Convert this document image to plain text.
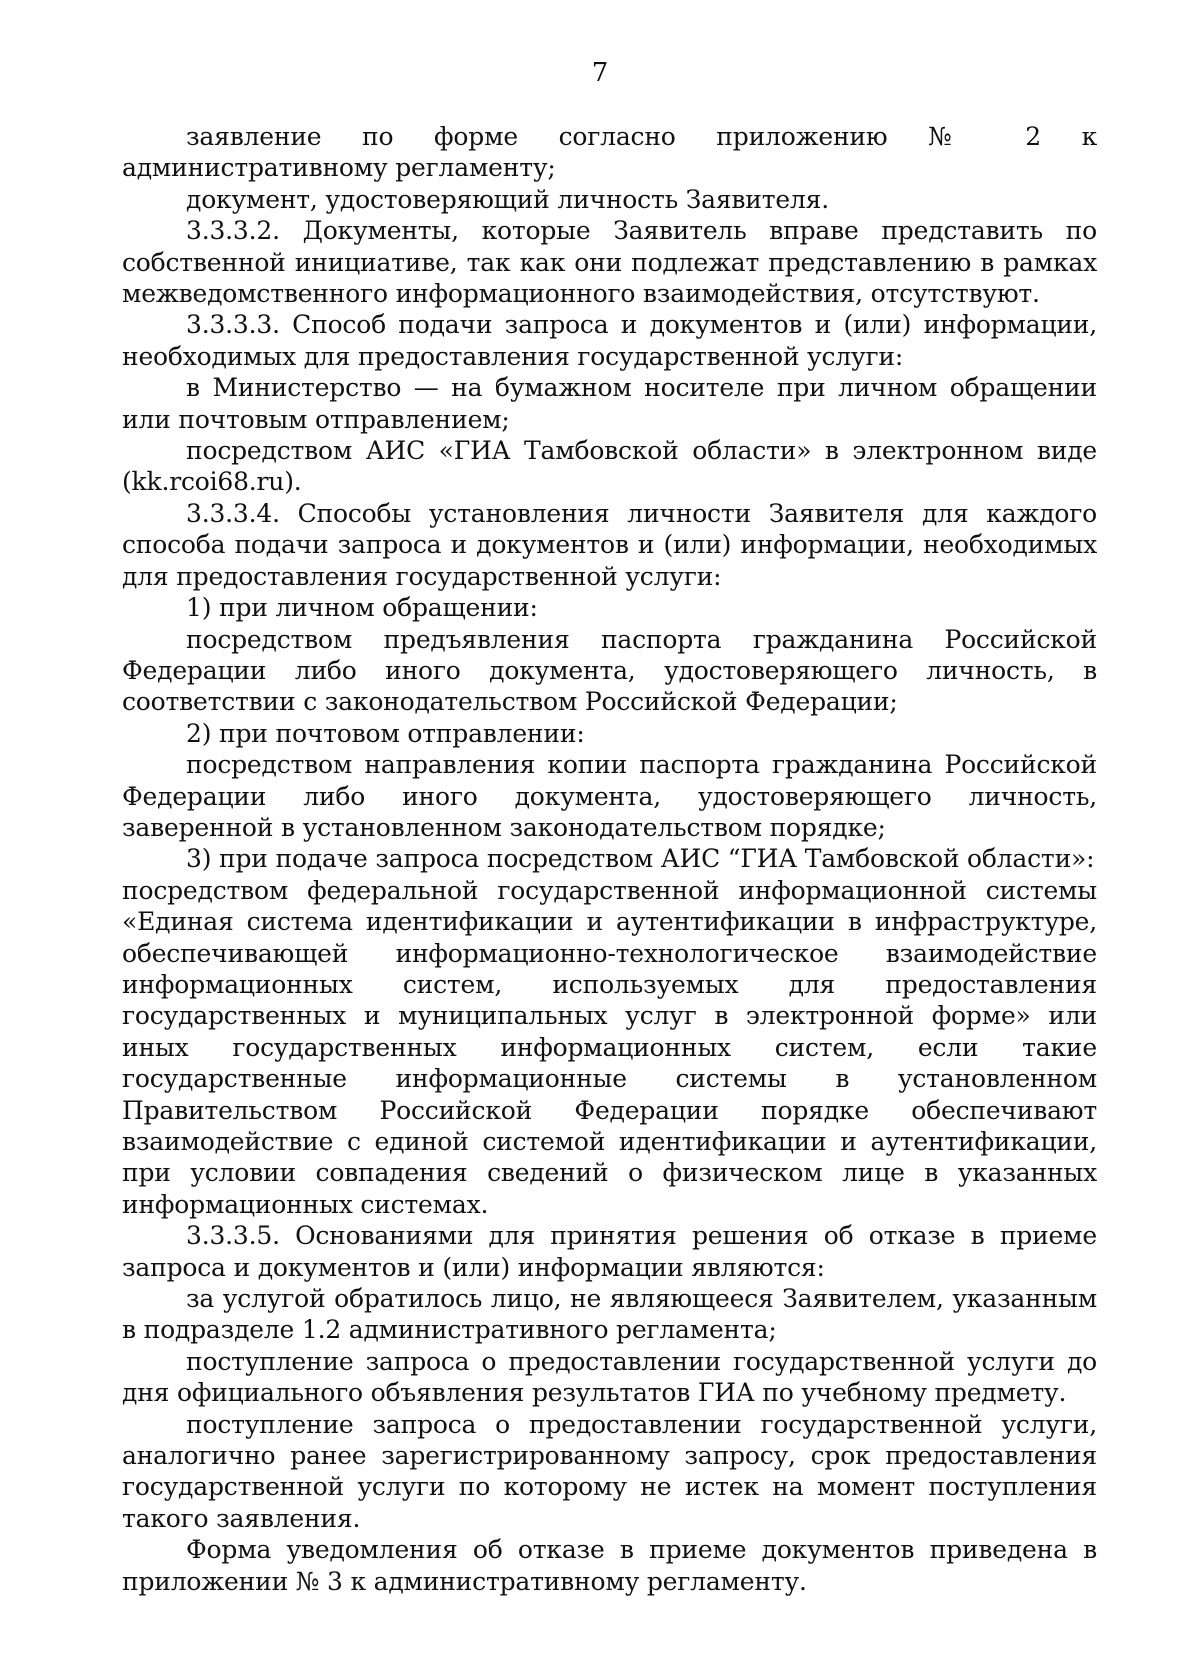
7

заявление по форме согласно приложению № 2 к административному регламенту;

документ, удостоверяющий личность Заявителя.

3.3.3.2. Документы, которые Заявитель вправе представить по собственной инициативе, так как они подлежат представлению в рамках межведомственного информационного взаимодействия, отсутствуют.

3.3.3.3. Способ подачи запроса и документов и (или) информации, необходимых для предоставления государственной услуги:

в Министерство — на бумажном носителе при личном обращении или почтовым отправлением;

посредством АИС «ГИА Тамбовской области» в электронном виде (kk.rcoi68.ru).

3.3.3.4. Способы установления личности Заявителя для каждого способа подачи запроса и документов и (или) информации, необходимых для предоставления государственной услуги:

1) при личном обращении:

посредством предъявления паспорта гражданина Российской Федерации либо иного документа, удостоверяющего личность, в соответствии с законодательством Российской Федерации;

2) при почтовом отправлении:

посредством направления копии паспорта гражданина Российской Федерации либо иного документа, удостоверяющего личность, заверенной в установленном законодательством порядке;

3) при подаче запроса посредством АИС “ГИА Тамбовской области»:

посредством федеральной государственной информационной системы «Единая система идентификации и аутентификации в инфраструктуре, обеспечивающей информационно-технологическое взаимодействие информационных систем, используемых для предоставления государственных и муниципальных услуг в электронной форме» или иных государственных информационных систем, если такие государственные информационные системы в установленном Правительством Российской Федерации порядке обеспечивают взаимодействие с единой системой идентификации и аутентификации, при условии совпадения сведений о физическом лице в указанных информационных системах.

3.3.3.5. Основаниями для принятия решения об отказе в приеме запроса и документов и (или) информации являются:

за услугой обратилось лицо, не являющееся Заявителем, указанным в подразделе 1.2 административного регламента;

поступление запроса о предоставлении государственной услуги до дня официального объявления результатов ГИА по учебному предмету.

поступление запроса о предоставлении государственной услуги, аналогично ранее зарегистрированному запросу, срок предоставления государственной услуги по которому не истек на момент поступления такого заявления.

Форма уведомления об отказе в приеме документов приведена в приложении № 3 к административному регламенту.
